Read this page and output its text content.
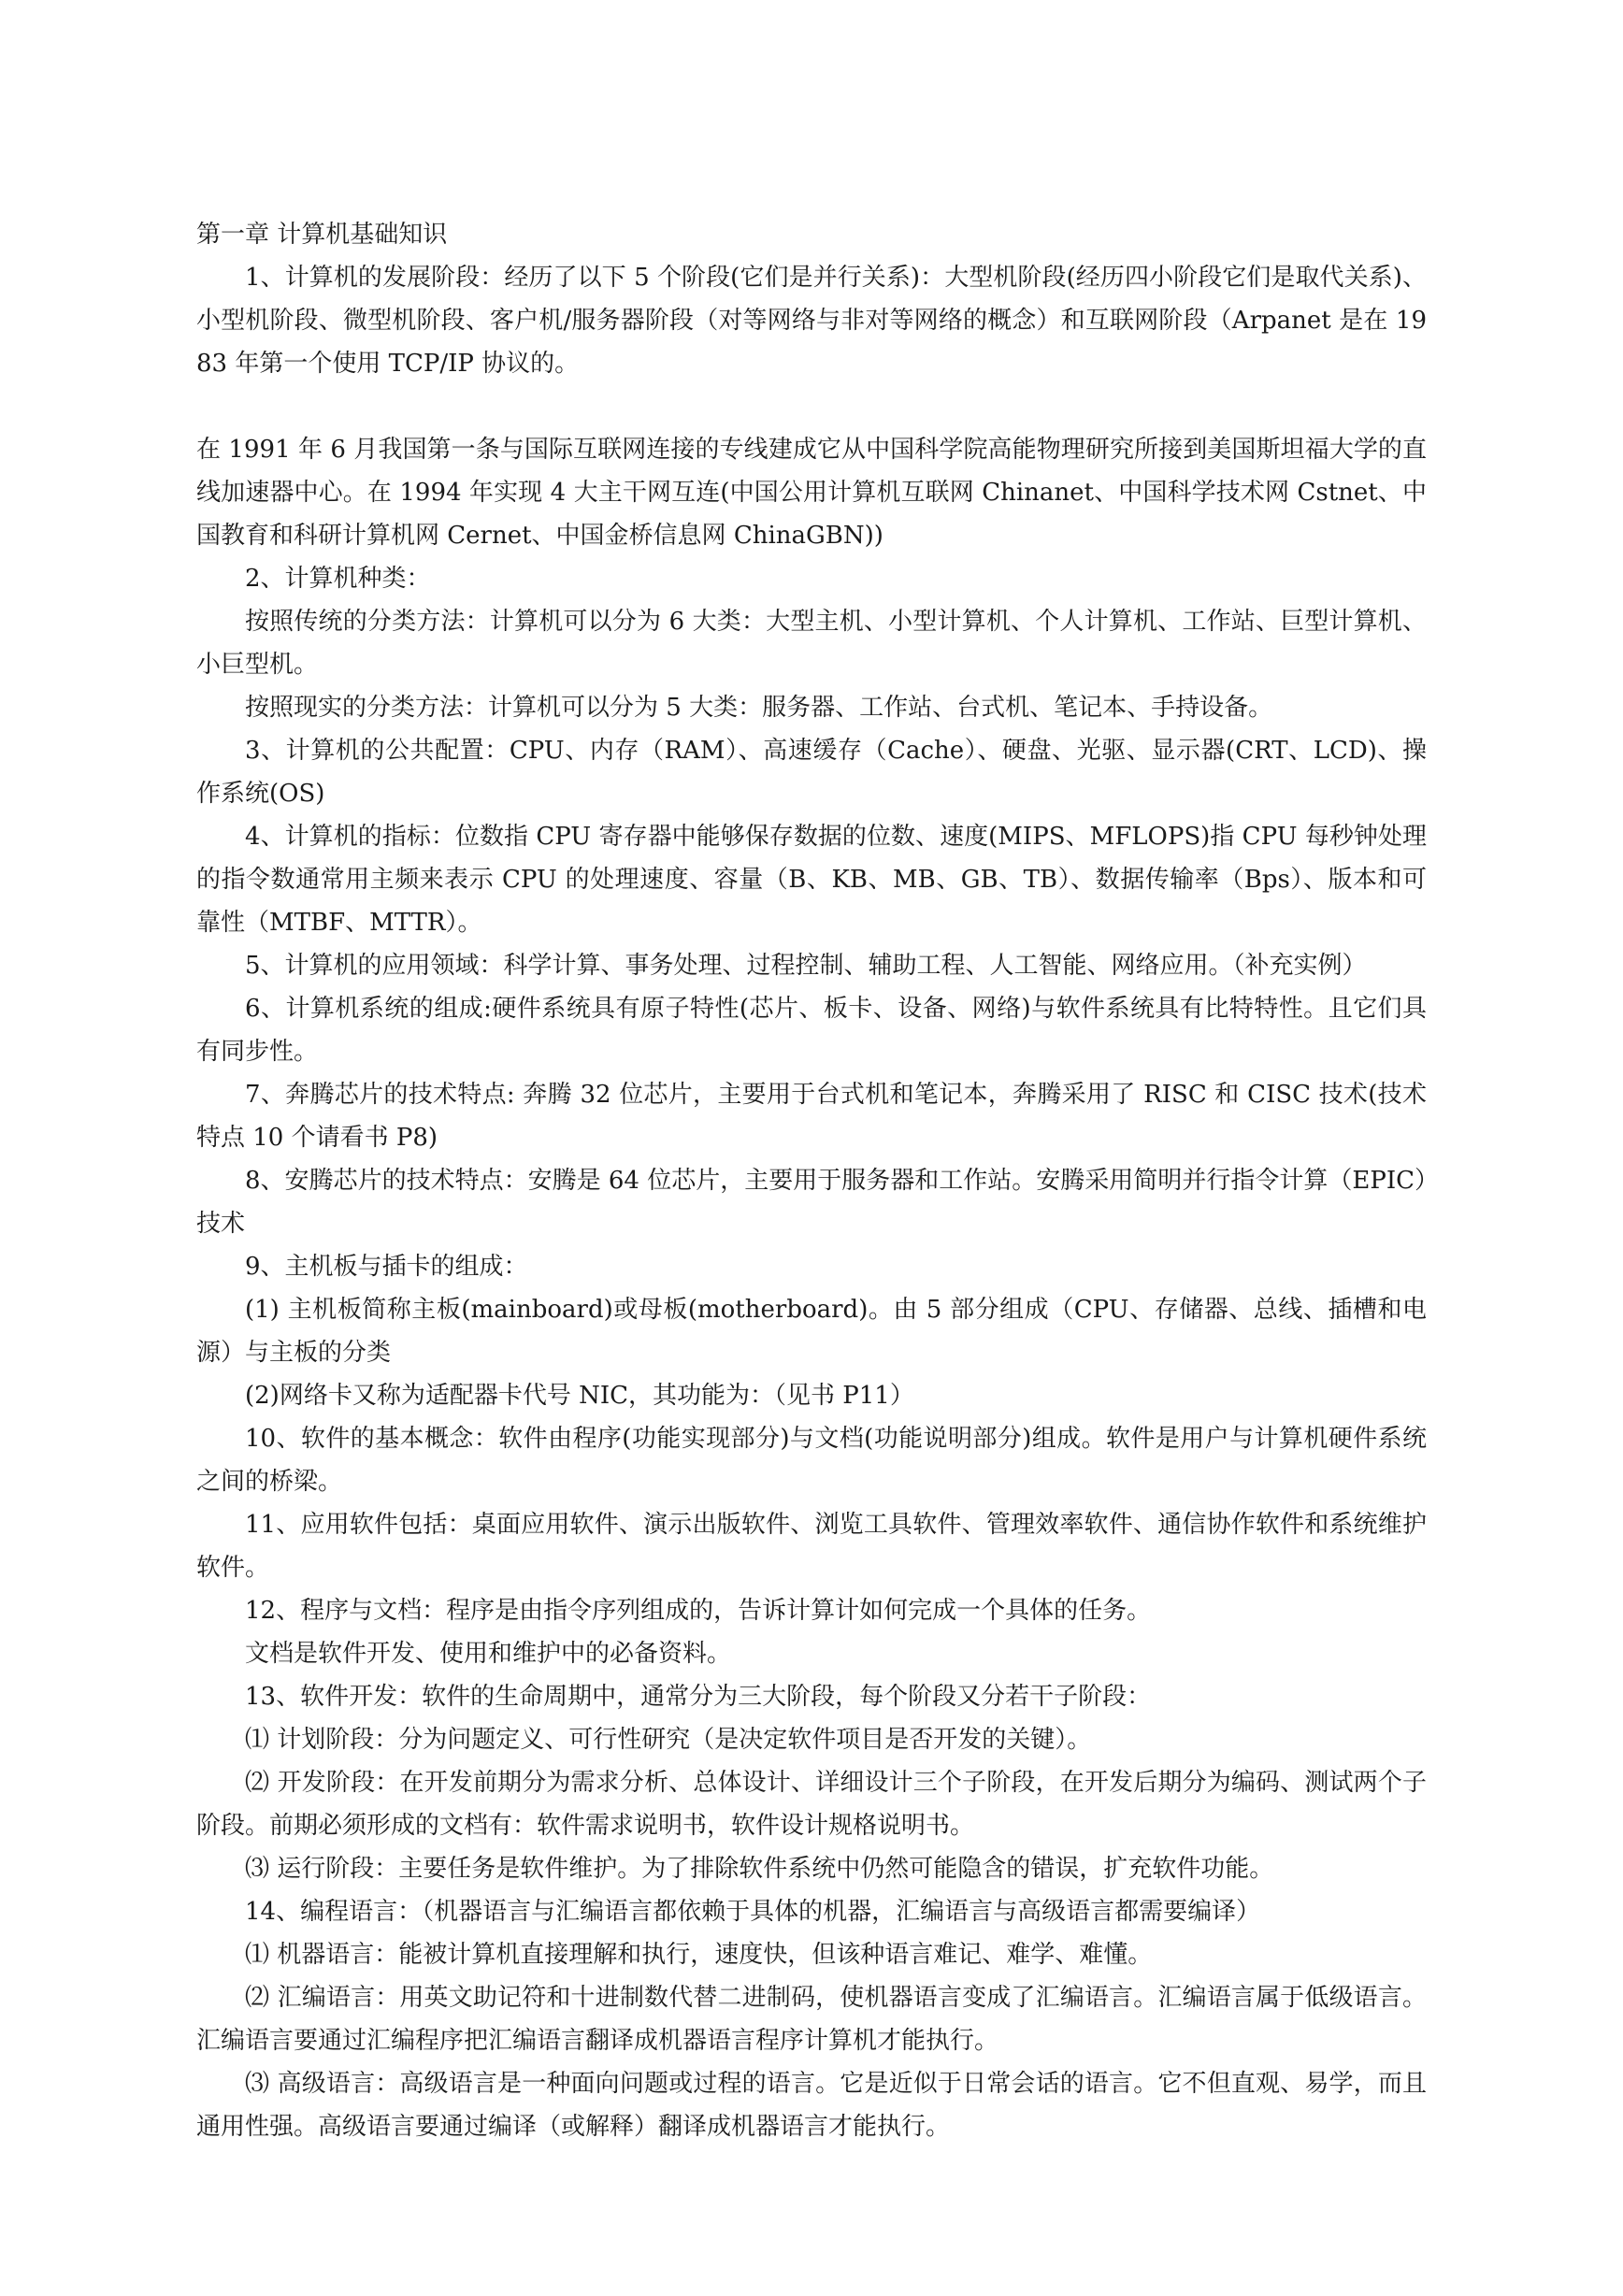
第一章 计算机基础知识

1、计算机的发展阶段：经历了以下 5 个阶段(它们是并行关系)：大型机阶段(经历四小阶段它们是取代关系)、小型机阶段、微型机阶段、客户机/服务器阶段（对等网络与非对等网络的概念）和互联网阶段（Arpanet 是在 1983 年第一个使用 TCP/IP 协议的。

在 1991 年 6 月我国第一条与国际互联网连接的专线建成它从中国科学院高能物理研究所接到美国斯坦福大学的直线加速器中心。在 1994 年实现 4 大主干网互连(中国公用计算机互联网 Chinanet、中国科学技术网 Cstnet、中国教育和科研计算机网 Cernet、中国金桥信息网 ChinaGBN))

2、计算机种类：

按照传统的分类方法：计算机可以分为 6 大类：大型主机、小型计算机、个人计算机、工作站、巨型计算机、小巨型机。

按照现实的分类方法：计算机可以分为 5 大类：服务器、工作站、台式机、笔记本、手持设备。

3、计算机的公共配置：CPU、内存（RAM）、高速缓存（Cache）、硬盘、光驱、显示器(CRT、LCD)、操作系统(OS)

4、计算机的指标：位数指 CPU 寄存器中能够保存数据的位数、速度(MIPS、MFLOPS)指 CPU 每秒钟处理的指令数通常用主频来表示 CPU 的处理速度、容量（B、KB、MB、GB、TB）、数据传输率（Bps）、版本和可靠性（MTBF、MTTR）。

5、计算机的应用领域：科学计算、事务处理、过程控制、辅助工程、人工智能、网络应用。（补充实例）

6、计算机系统的组成:硬件系统具有原子特性(芯片、板卡、设备、网络)与软件系统具有比特特性。且它们具有同步性。

7、奔腾芯片的技术特点: 奔腾 32 位芯片，主要用于台式机和笔记本，奔腾采用了 RISC 和 CISC 技术(技术特点 10 个请看书 P8)

8、安腾芯片的技术特点：安腾是 64 位芯片，主要用于服务器和工作站。安腾采用简明并行指令计算（EPIC）技术

9、主机板与插卡的组成：

(1) 主机板简称主板(mainboard)或母板(motherboard)。由 5 部分组成（CPU、存储器、总线、插槽和电源）与主板的分类

(2)网络卡又称为适配器卡代号 NIC，其功能为：（见书 P11）

10、软件的基本概念：软件由程序(功能实现部分)与文档(功能说明部分)组成。软件是用户与计算机硬件系统之间的桥梁。

11、应用软件包括：桌面应用软件、演示出版软件、浏览工具软件、管理效率软件、通信协作软件和系统维护软件。

12、程序与文档：程序是由指令序列组成的，告诉计算计如何完成一个具体的任务。

文档是软件开发、使用和维护中的必备资料。

13、软件开发：软件的生命周期中，通常分为三大阶段，每个阶段又分若干子阶段：

⑴ 计划阶段：分为问题定义、可行性研究（是决定软件项目是否开发的关键）。

⑵ 开发阶段：在开发前期分为需求分析、总体设计、详细设计三个子阶段，在开发后期分为编码、测试两个子阶段。前期必须形成的文档有：软件需求说明书，软件设计规格说明书。

⑶ 运行阶段：主要任务是软件维护。为了排除软件系统中仍然可能隐含的错误，扩充软件功能。

14、编程语言：（机器语言与汇编语言都依赖于具体的机器，汇编语言与高级语言都需要编译）

⑴ 机器语言：能被计算机直接理解和执行，速度快，但该种语言难记、难学、难懂。

⑵ 汇编语言：用英文助记符和十进制数代替二进制码，使机器语言变成了汇编语言。汇编语言属于低级语言。汇编语言要通过汇编程序把汇编语言翻译成机器语言程序计算机才能执行。

⑶ 高级语言：高级语言是一种面向问题或过程的语言。它是近似于日常会话的语言。它不但直观、易学，而且通用性强。高级语言要通过编译（或解释）翻译成机器语言才能执行。
